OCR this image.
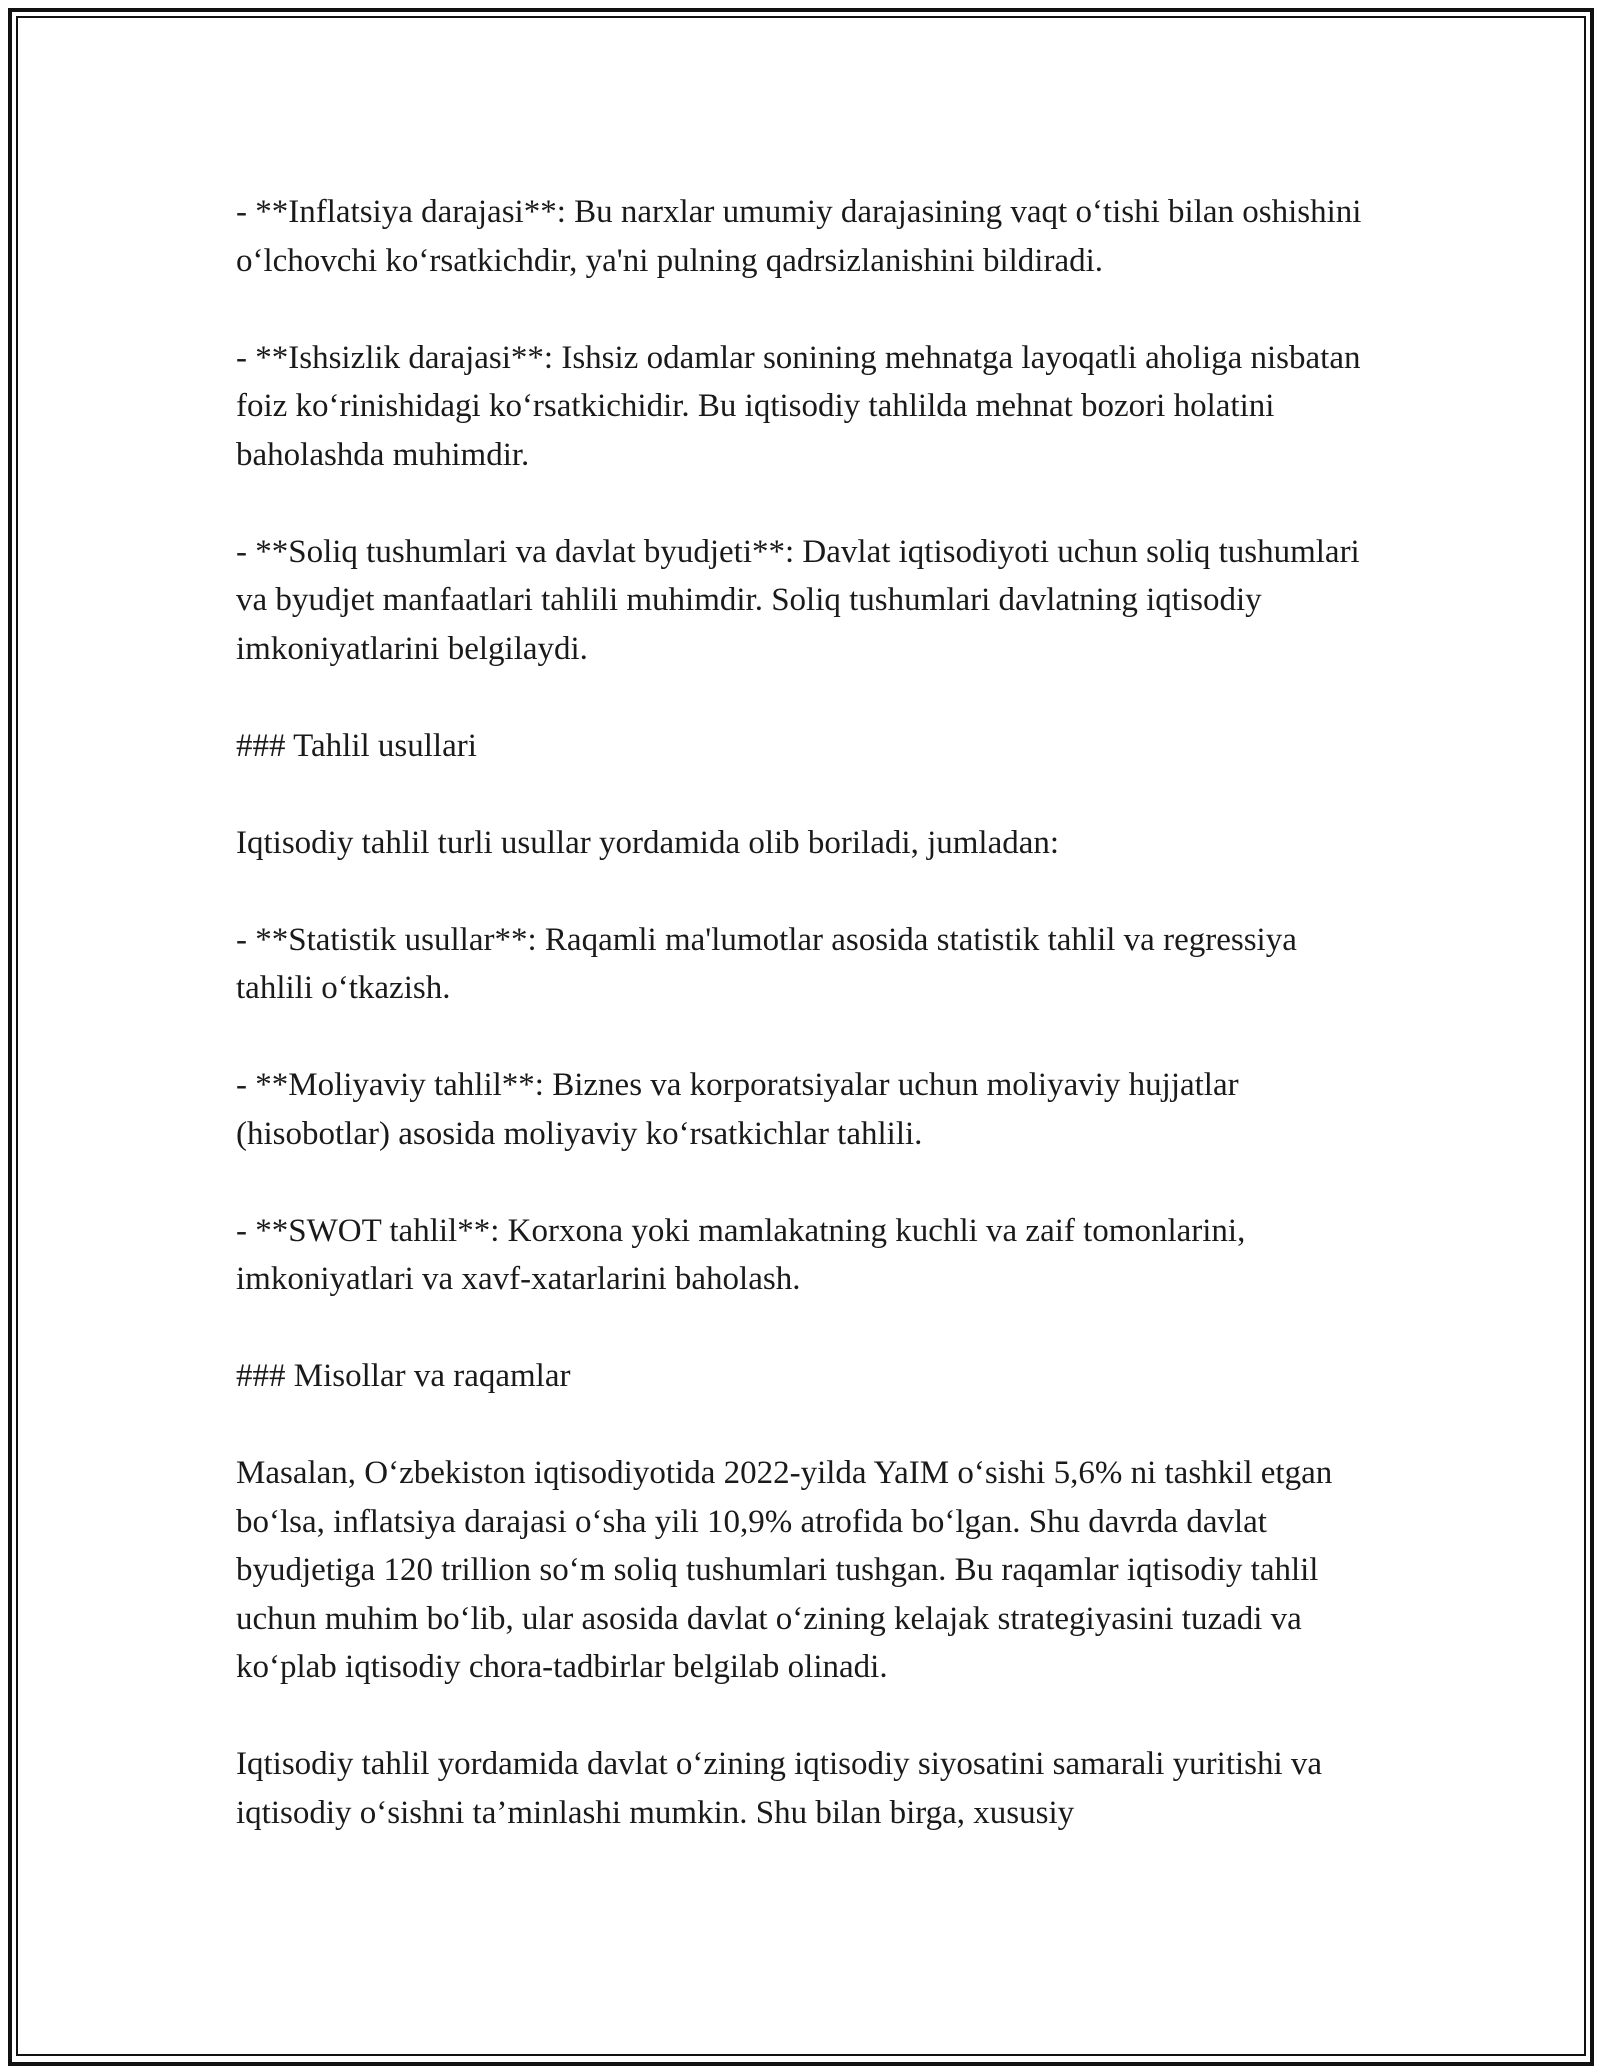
- **Inflatsiya darajasi**: Bu narxlar umumiy darajasining vaqt o‘tishi bilan oshishini o‘lchovchi ko‘rsatkichdir, ya'ni pulning qadrsizlanishini bildiradi.

- **Ishsizlik darajasi**: Ishsiz odamlar sonining mehnatga layoqatli aholiga nisbatan foiz ko‘rinishidagi ko‘rsatkichidir. Bu iqtisodiy tahlilda mehnat bozori holatini baholashda muhimdir.

- **Soliq tushumlari va davlat byudjeti**: Davlat iqtisodiyoti uchun soliq tushumlari va byudjet manfaatlari tahlili muhimdir. Soliq tushumlari davlatning iqtisodiy imkoniyatlarini belgilaydi.

### Tahlil usullari

Iqtisodiy tahlil turli usullar yordamida olib boriladi, jumladan:

- **Statistik usullar**: Raqamli ma'lumotlar asosida statistik tahlil va regressiya tahlili o‘tkazish.

- **Moliyaviy tahlil**: Biznes va korporatsiyalar uchun moliyaviy hujjatlar (hisobotlar) asosida moliyaviy ko‘rsatkichlar tahlili.

- **SWOT tahlil**: Korxona yoki mamlakatning kuchli va zaif tomonlarini, imkoniyatlari va xavf-xatarlarini baholash.

### Misollar va raqamlar

Masalan, O‘zbekiston iqtisodiyotida 2022-yilda YaIM o‘sishi 5,6% ni tashkil etgan bo‘lsa, inflatsiya darajasi o‘sha yili 10,9% atrofida bo‘lgan. Shu davrda davlat byudjetiga 120 trillion so‘m soliq tushumlari tushgan. Bu raqamlar iqtisodiy tahlil uchun muhim bo‘lib, ular asosida davlat o‘zining kelajak strategiyasini tuzadi va ko‘plab iqtisodiy chora-tadbirlar belgilab olinadi.

Iqtisodiy tahlil yordamida davlat o‘zining iqtisodiy siyosatini samarali yuritishi va iqtisodiy o‘sishni ta’minlashi mumkin. Shu bilan birga, xususiy
